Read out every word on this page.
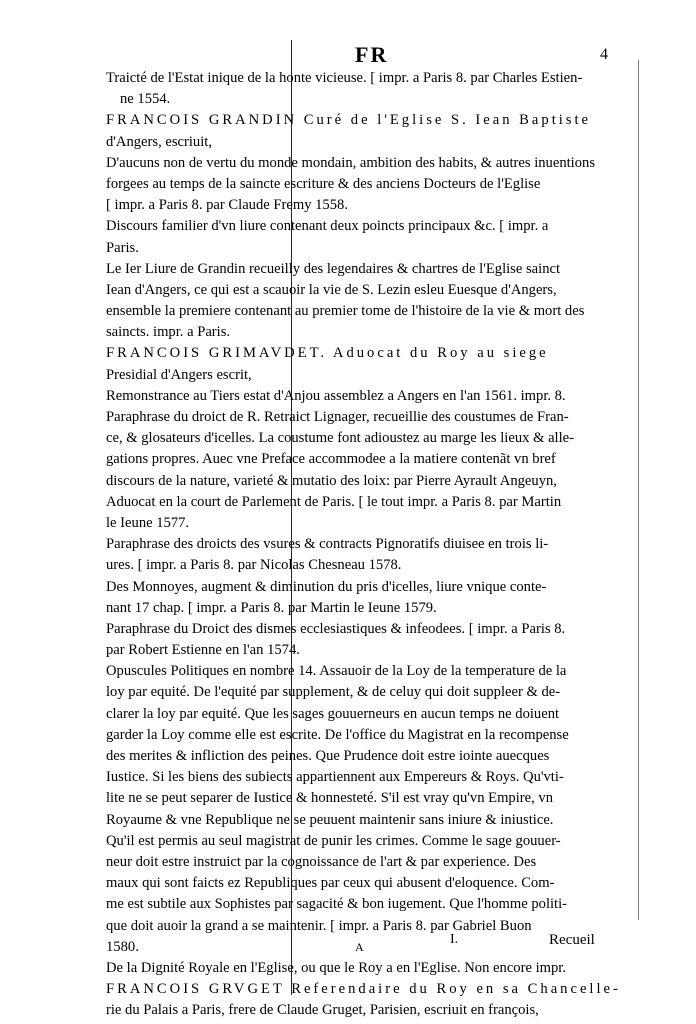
FR	4
Traicté de l'Estat inique de la honte vicieuse. [ impr. a Paris 8. par Charles Estien-
ne 1554.
FRANCOIS GRANDIN Curé de l'Eglise S. Iean Baptiste
d'Angers, escriuit,
D'aucuns non de vertu du monde mondain, ambition des habits, & autres inuentions
forgees au temps de la saincte escriture & des anciens Docteurs de l'Eglise
[ impr. a Paris 8. par Claude Fremy 1558.
Discours familier d'vn liure contenant deux poincts principaux &c. [ impr. a
Paris.
Le Ier Liure de Grandin recueilly des legendaires & chartres de l'Eglise sainct
Iean d'Angers, ce qui est a scauoir la vie de S. Lezin esleu Euesque d'Angers,
ensemble la premiere contenant au premier tome de l'histoire de la vie & mort des
saincts. impr. a Paris.
FRANCOIS GRIMAVDET. Aduocat du Roy au siege
Presidial d'Angers escrit,
Remonstrance au Tiers estat d'Anjou assemblez a Angers en l'an 1561. impr. 8.
Paraphrase du droict de R. Retraict Lignager, recueillie des coustumes de Fran-
ce, & glosateurs d'icelles. La coustume font adioustez au marge les lieux & alle-
gations propres. Auec vne Preface accommodee a la matiere contenãt vn bref
discours de la nature, varieté & mutatio des loix: par Pierre Ayrault Angeuyn,
Aduocat en la court de Parlement de Paris. [ le tout impr. a Paris 8. par Martin
le Ieune 1577.
Paraphrase des droicts des vsures & contracts Pignoratifs diuisee en trois li-
ures. [ impr. a Paris 8. par Nicolas Chesneau 1578.
Des Monnoyes, augment & diminution du pris d'icelles, liure vnique conte-
nant 17 chap. [ impr. a Paris 8. par Martin le Ieune 1579.
Paraphrase du Droict des dismes ecclesiastiques & infeodees. [ impr. a Paris 8.
par Robert Estienne en l'an 1574.
Opuscules Politiques en nombre 14. Assauoir de la Loy de la temperature de la
loy par equité. De l'equité par supplement, & de celuy qui doit suppleer & de-
clarer la loy par equité. Que les sages gouuerneurs en aucun temps ne doiuent
garder la Loy comme elle est escrite. De l'office du Magistrat en la recompense
des merites & infliction des peines. Que Prudence doit estre iointe auecques
Iustice. Si les biens des subiects appartiennent aux Empereurs & Roys. Qu'vti-
lite ne se peut separer de Iustice & honnesteté. S'il est vray qu'vn Empire, vn
Royaume & vne Republique ne se peuuent maintenir sans iniure & iniustice.
Qu'il est permis au seul magistrat de punir les crimes. Comme le sage gouuer-
neur doit estre instruict par la cognoissance de l'art & par experience. Des
maux qui sont faicts ez Republiques par ceux qui abusent d'eloquence. Com-
me est subtile aux Sophistes par sagacité & bon iugement. Que l'homme politi-
que doit auoir la grand a se maintenir. [ impr. a Paris 8. par Gabriel Buon
1580.
De la Dignité Royale en l'Eglise, ou que le Roy a en l'Eglise. Non encore impr.
FRANCOIS GRVGET Referendaire du Roy en sa Chancelle-
rie du Palais a Paris, frere de Claude Gruget, Parisien, escriuit en françois,
A	I.	Recueil
